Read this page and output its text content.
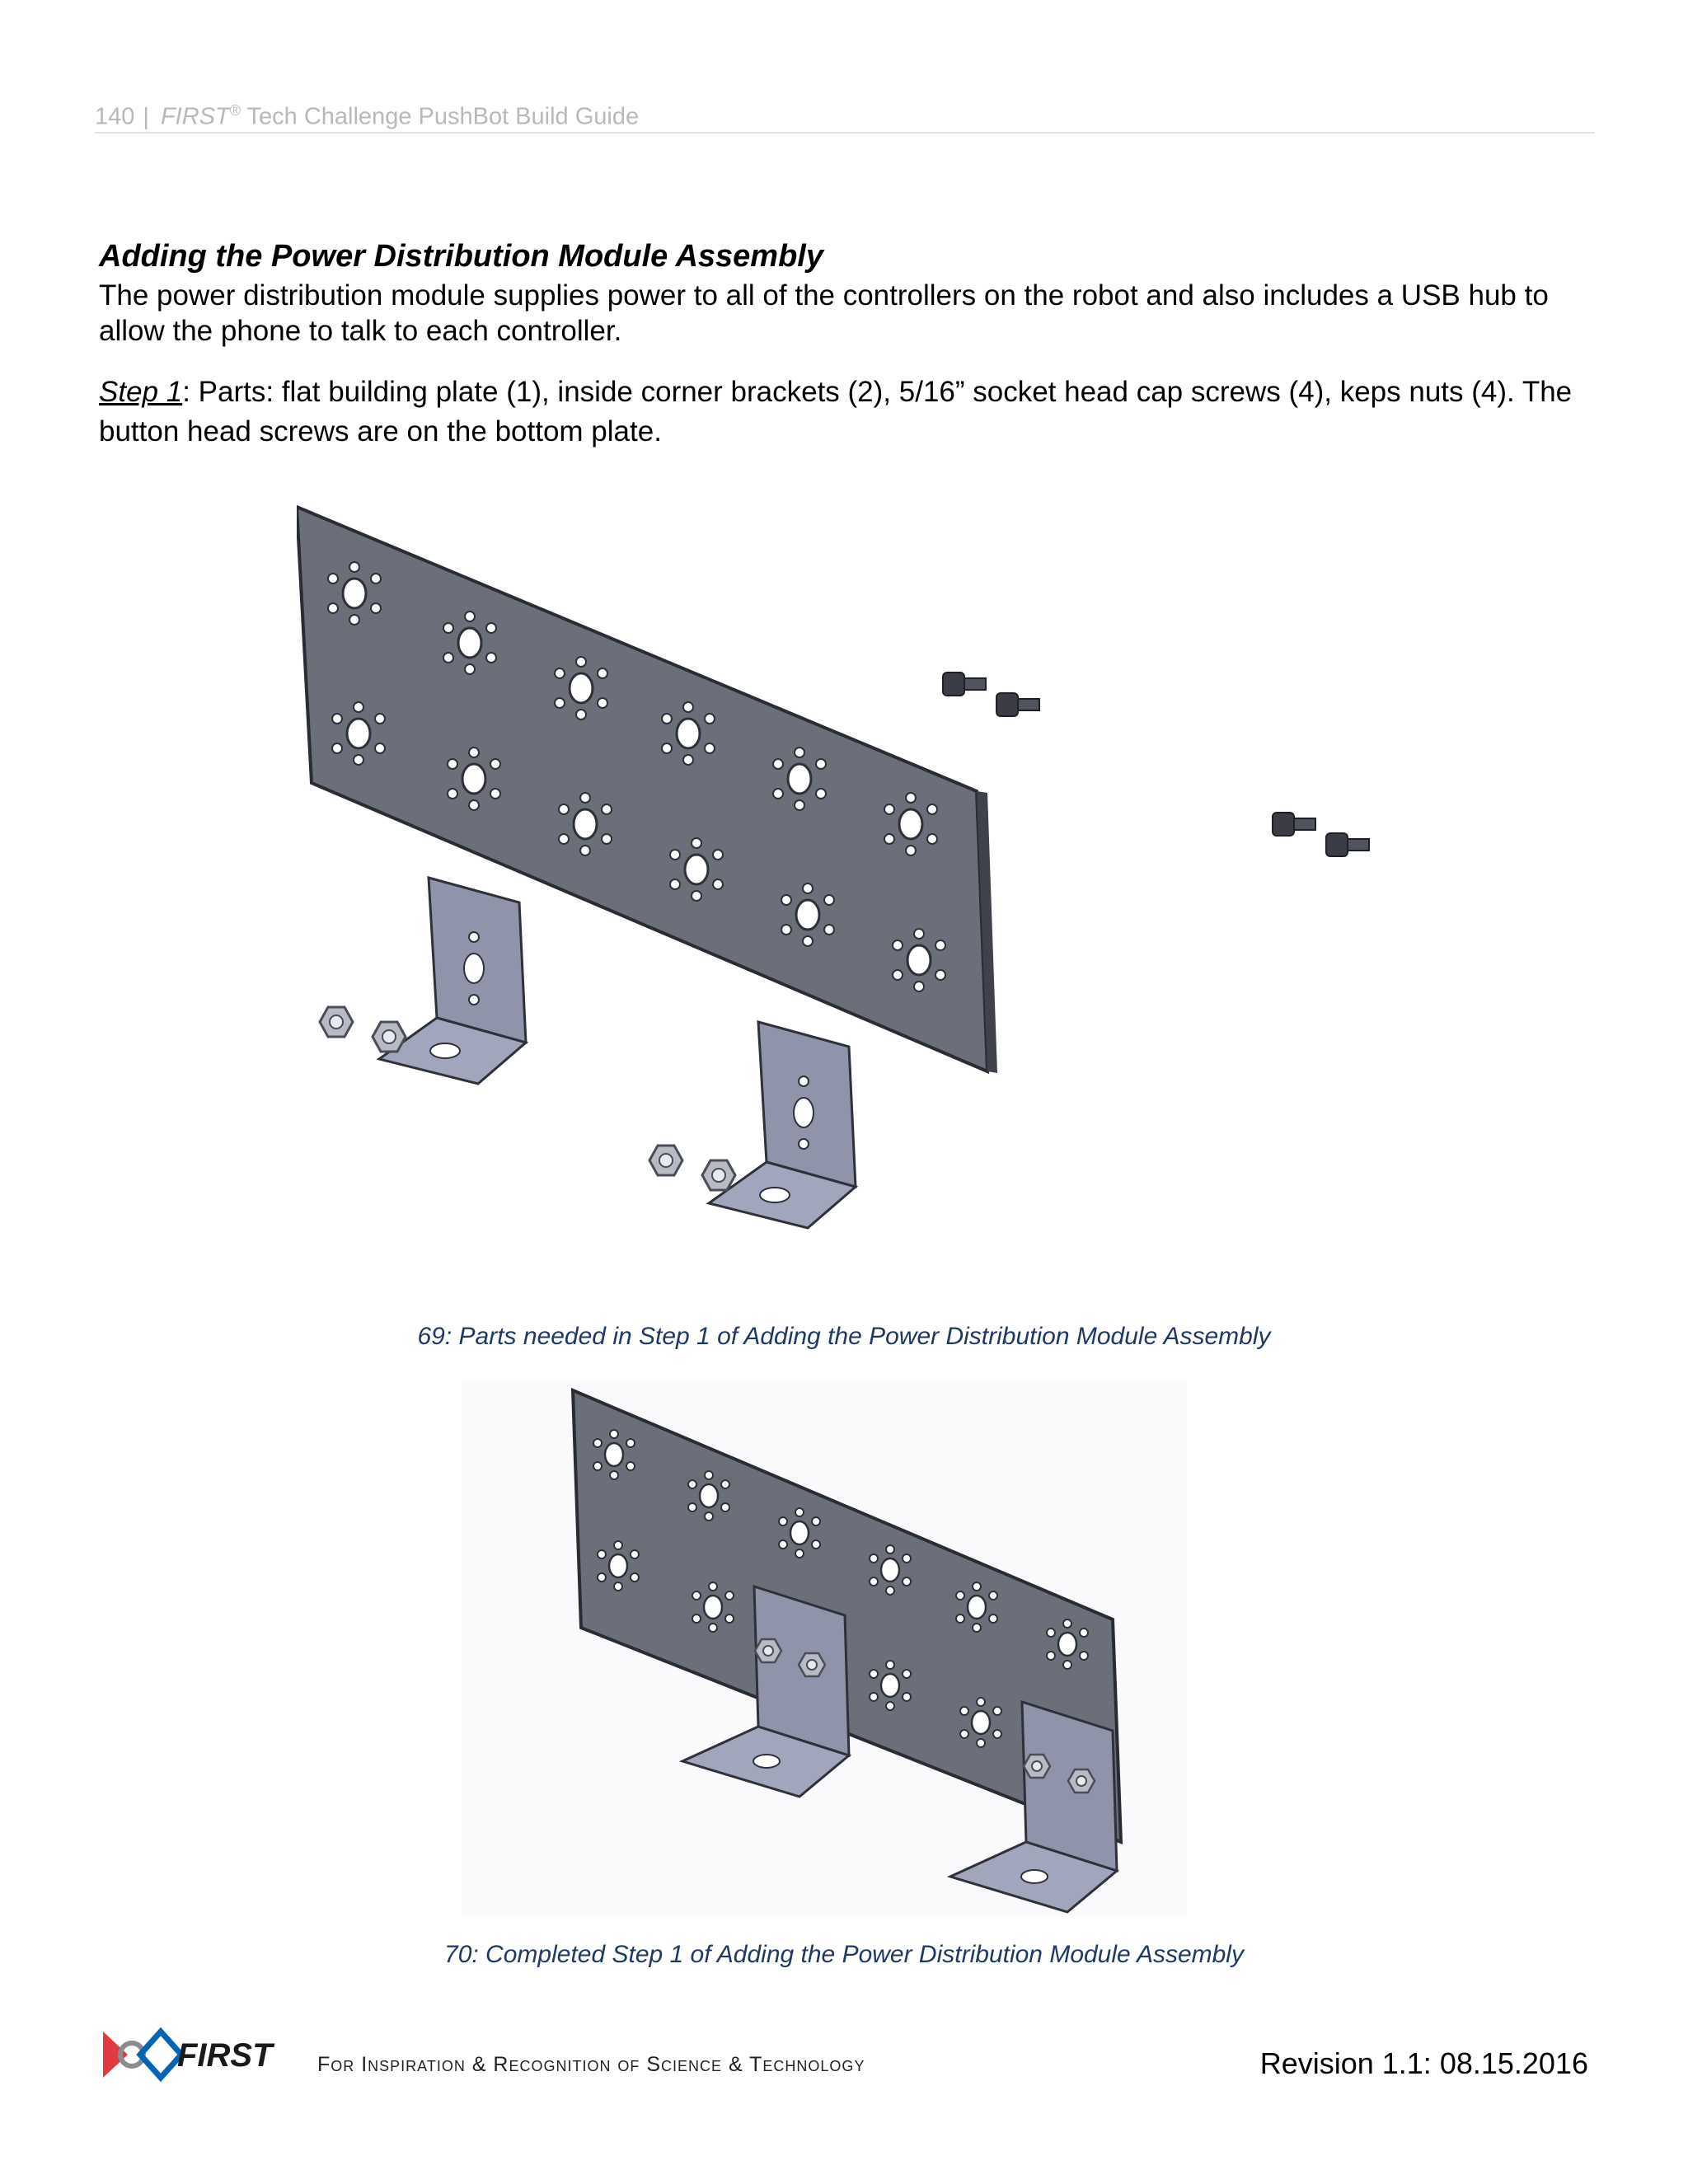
140 | FIRST® Tech Challenge PushBot Build Guide
Adding the Power Distribution Module Assembly

The power distribution module supplies power to all of the controllers on the robot and also includes a USB hub to allow the phone to talk to each controller.

Step 1: Parts: flat building plate (1), inside corner brackets (2), 5/16” socket head cap screws (4), keps nuts (4). The button head screws are on the bottom plate.

69: Parts needed in Step 1 of Adding the Power Distribution Module Assembly

70: Completed Step 1 of Adding the Power Distribution Module Assembly

FIRST For Inspiration & Recognition of Science & Technology	Revision 1.1: 08.15.2016
